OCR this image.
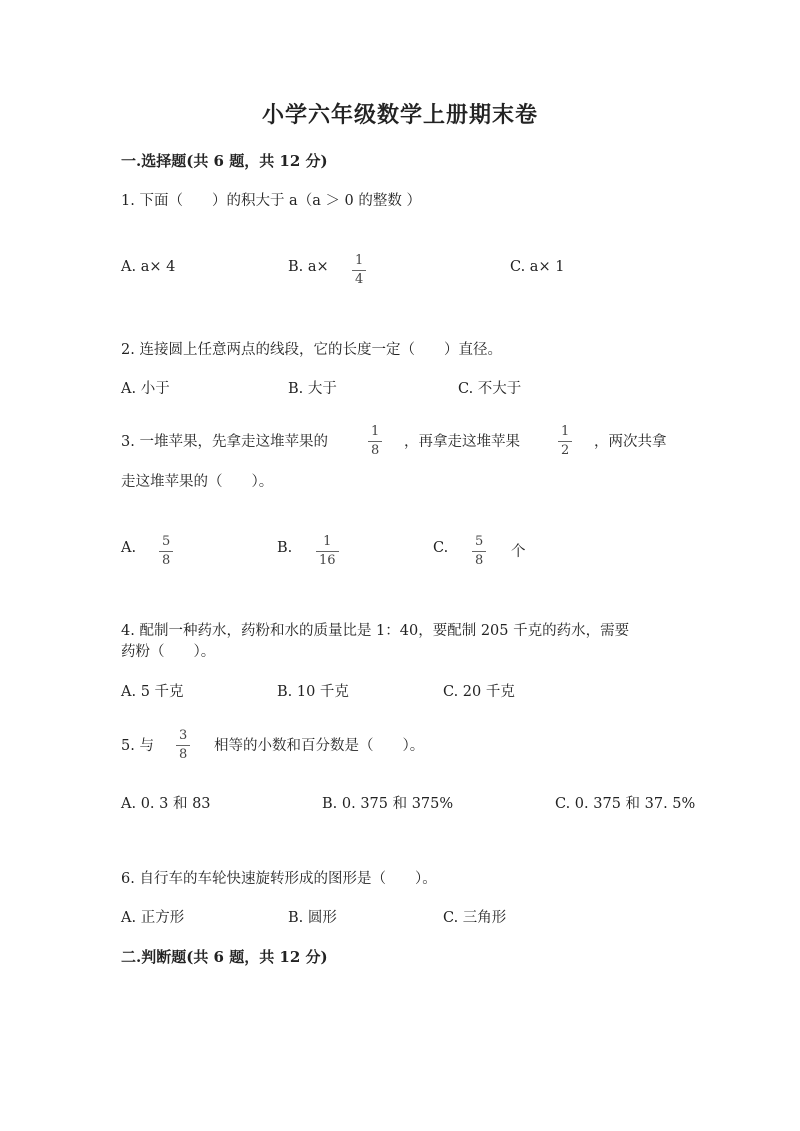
小学六年级数学上册期末卷
一.选择题(共 6 题，共 12 分)
1. 下面（　　）的积大于 a（a ＞ 0 的整数 ）
A. a× 4	B. a× 1
4
C. a× 1
2. 连接圆上任意两点的线段，它的长度一定（　　）直径。
A. 小于	B. 大于	C. 不大于
3. 一堆苹果，先拿走这堆苹果的
1
8
，再拿走这堆苹果
1
2
，两次共拿
走这堆苹果的（　　）。
A. 5
8
B. 1
16
C. 5
8
个
4. 配制一种药水，药粉和水的质量比是 1：40，要配制 205 千克的药水，需要
药粉（　　）。
A. 5 千克	B. 10 千克	C. 20 千克
5. 与
3
8
相等的小数和百分数是（　　）。
A. 0. 3 和 83	B. 0. 375 和 375%	C. 0. 375 和 37. 5%
6. 自行车的车轮快速旋转形成的图形是（　　）。
A. 正方形	B. 圆形	C. 三角形
二.判断题(共 6 题，共 12 分)
